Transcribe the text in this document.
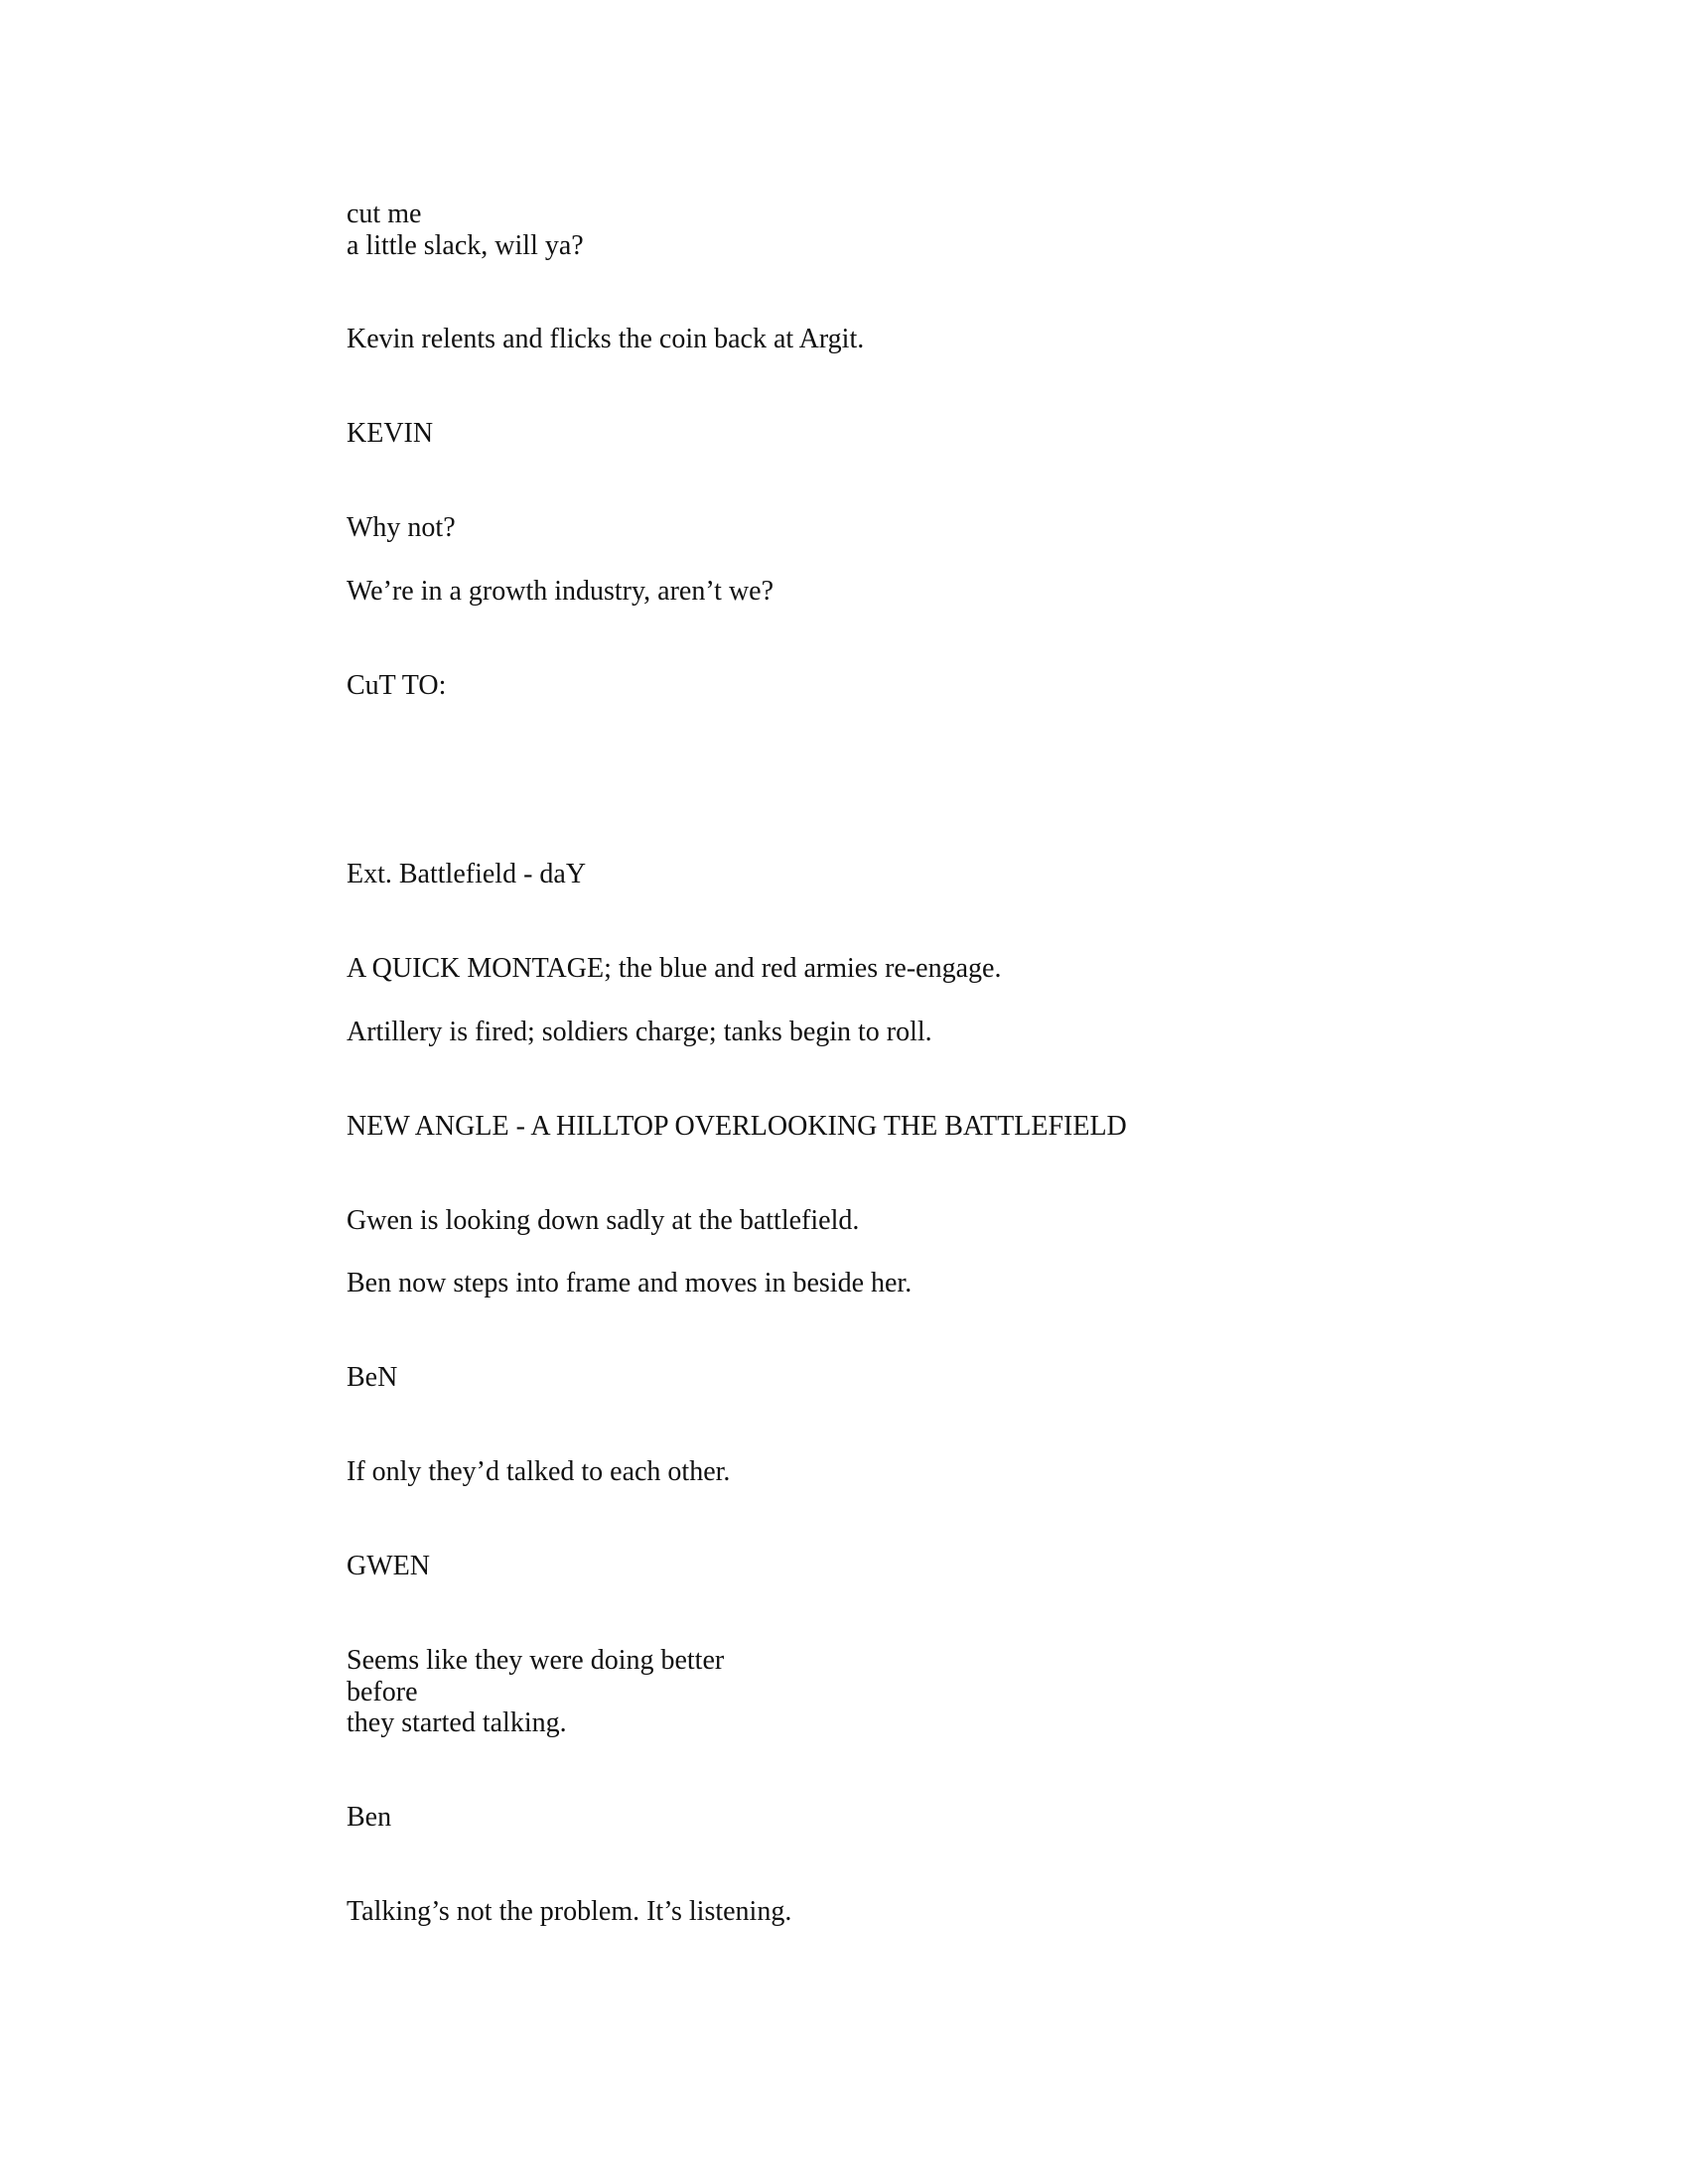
cut me

a little slack, will ya?

Kevin relents and flicks the coin back at Argit.

KEVIN

Why not?

We’re in a growth industry, aren’t we?

CuT TO:

Ext. Battlefield - daY

A QUICK MONTAGE; the blue and red armies re-engage.

Artillery is fired; soldiers charge; tanks begin to roll.

NEW ANGLE - A HILLTOP OVERLOOKING THE BATTLEFIELD

Gwen is looking down sadly at the battlefield.

Ben now steps into frame and moves in beside her.

BeN

If only they’d talked to each other.

GWEN

Seems like they were doing better

before

they started talking.

Ben

Talking’s not the problem. It’s listening.
